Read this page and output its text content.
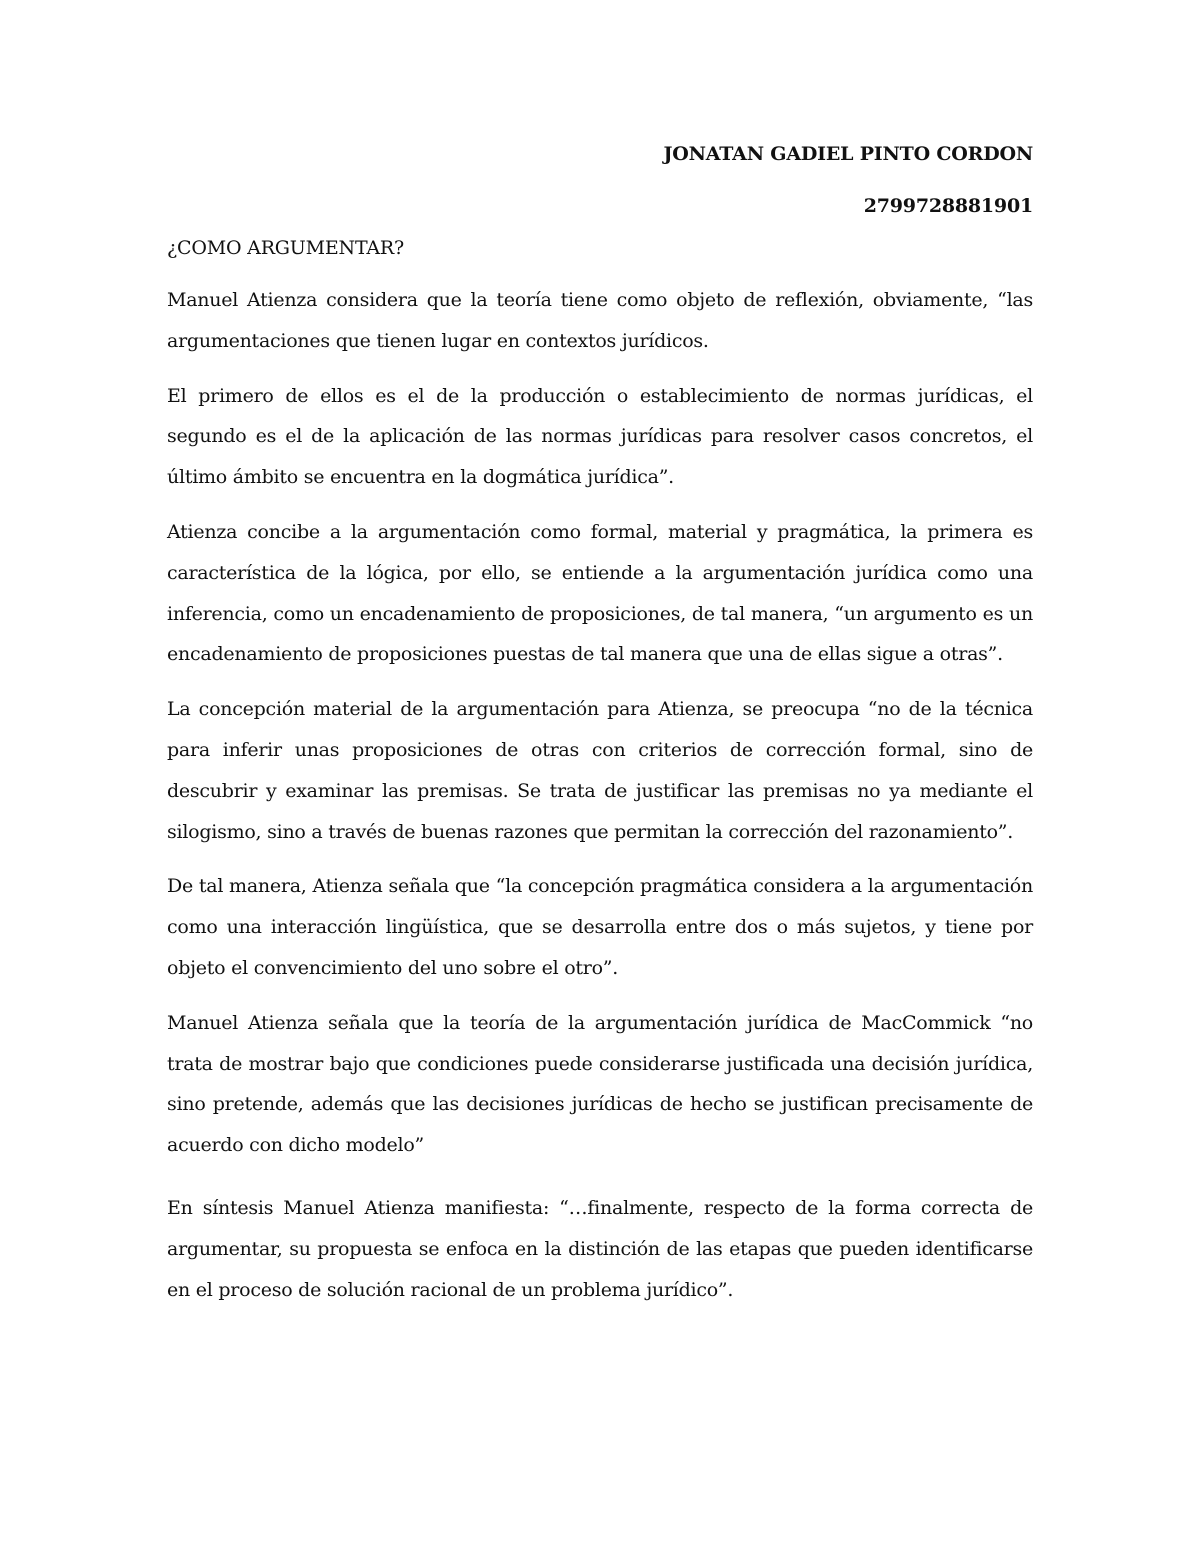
JONATAN GADIEL PINTO CORDON

2799728881901

¿COMO ARGUMENTAR?

Manuel Atienza considera que la teoría tiene como objeto de reflexión, obviamente, “las argumentaciones que tienen lugar en contextos jurídicos.

El primero de ellos es el de la producción o establecimiento de normas jurídicas, el segundo es el de la aplicación de las normas jurídicas para resolver casos concretos, el último ámbito se encuentra en la dogmática jurídica”.

Atienza concibe a la argumentación como formal, material y pragmática, la primera es característica de la lógica, por ello, se entiende a la argumentación jurídica como una inferencia, como un encadenamiento de proposiciones, de tal manera, “un argumento es un encadenamiento de proposiciones puestas de tal manera que una de ellas sigue a otras”.

La concepción material de la argumentación para Atienza, se preocupa “no de la técnica para inferir unas proposiciones de otras con criterios de corrección formal, sino de descubrir y examinar las premisas. Se trata de justificar las premisas no ya mediante el silogismo, sino a través de buenas razones que permitan la corrección del razonamiento”.

De tal manera, Atienza señala que “la concepción pragmática considera a la argumentación como una interacción lingüística, que se desarrolla entre dos o más sujetos, y tiene por objeto el convencimiento del uno sobre el otro”.

Manuel Atienza señala que la teoría de la argumentación jurídica de MacCommick “no trata de mostrar bajo que condiciones puede considerarse justificada una decisión jurídica, sino pretende, además que las decisiones jurídicas de hecho se justifican precisamente de acuerdo con dicho modelo”

En síntesis Manuel Atienza manifiesta: “…finalmente, respecto de la forma correcta de argumentar, su propuesta se enfoca en la distinción de las etapas que pueden identificarse en el proceso de solución racional de un problema jurídico”.
